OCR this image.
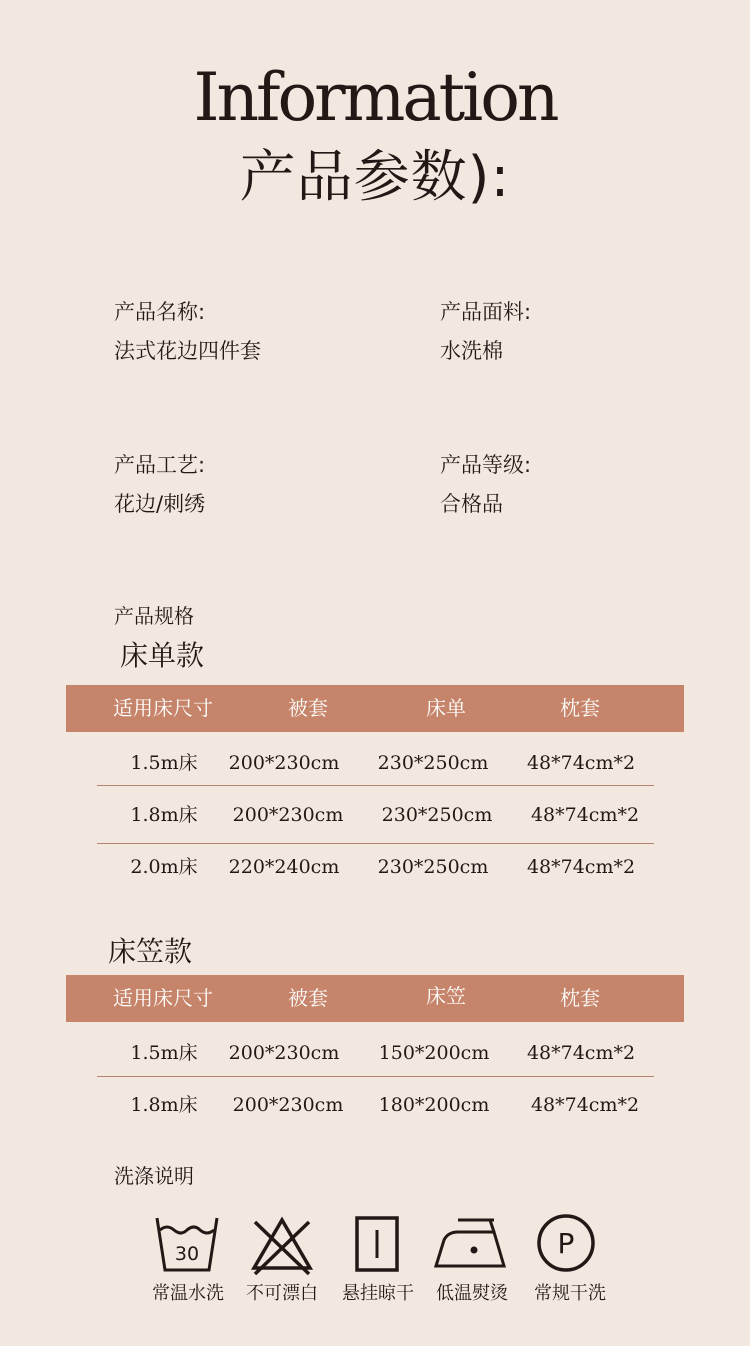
Information
产品参数):
产品名称:
法式花边四件套
产品面料:
水洗棉
产品工艺:
花边/刺绣
产品等级:
合格品
产品规格
床单款
适用床尺寸	被套	床单	枕套
1.5m床 200*230cm 230*250cm 48*74cm*2
1.8m床 200*230cm 230*250cm 48*74cm*2
2.0m床 220*240cm 230*250cm 48*74cm*2
床笠款
适用床尺寸	被套	床笠	枕套
1.5m床 200*230cm 150*200cm 48*74cm*2
1.8m床 200*230cm 180*200cm 48*74cm*2
洗涤说明
30
常温水洗 不可漂白 悬挂晾干 低温熨烫
P
常规干洗
